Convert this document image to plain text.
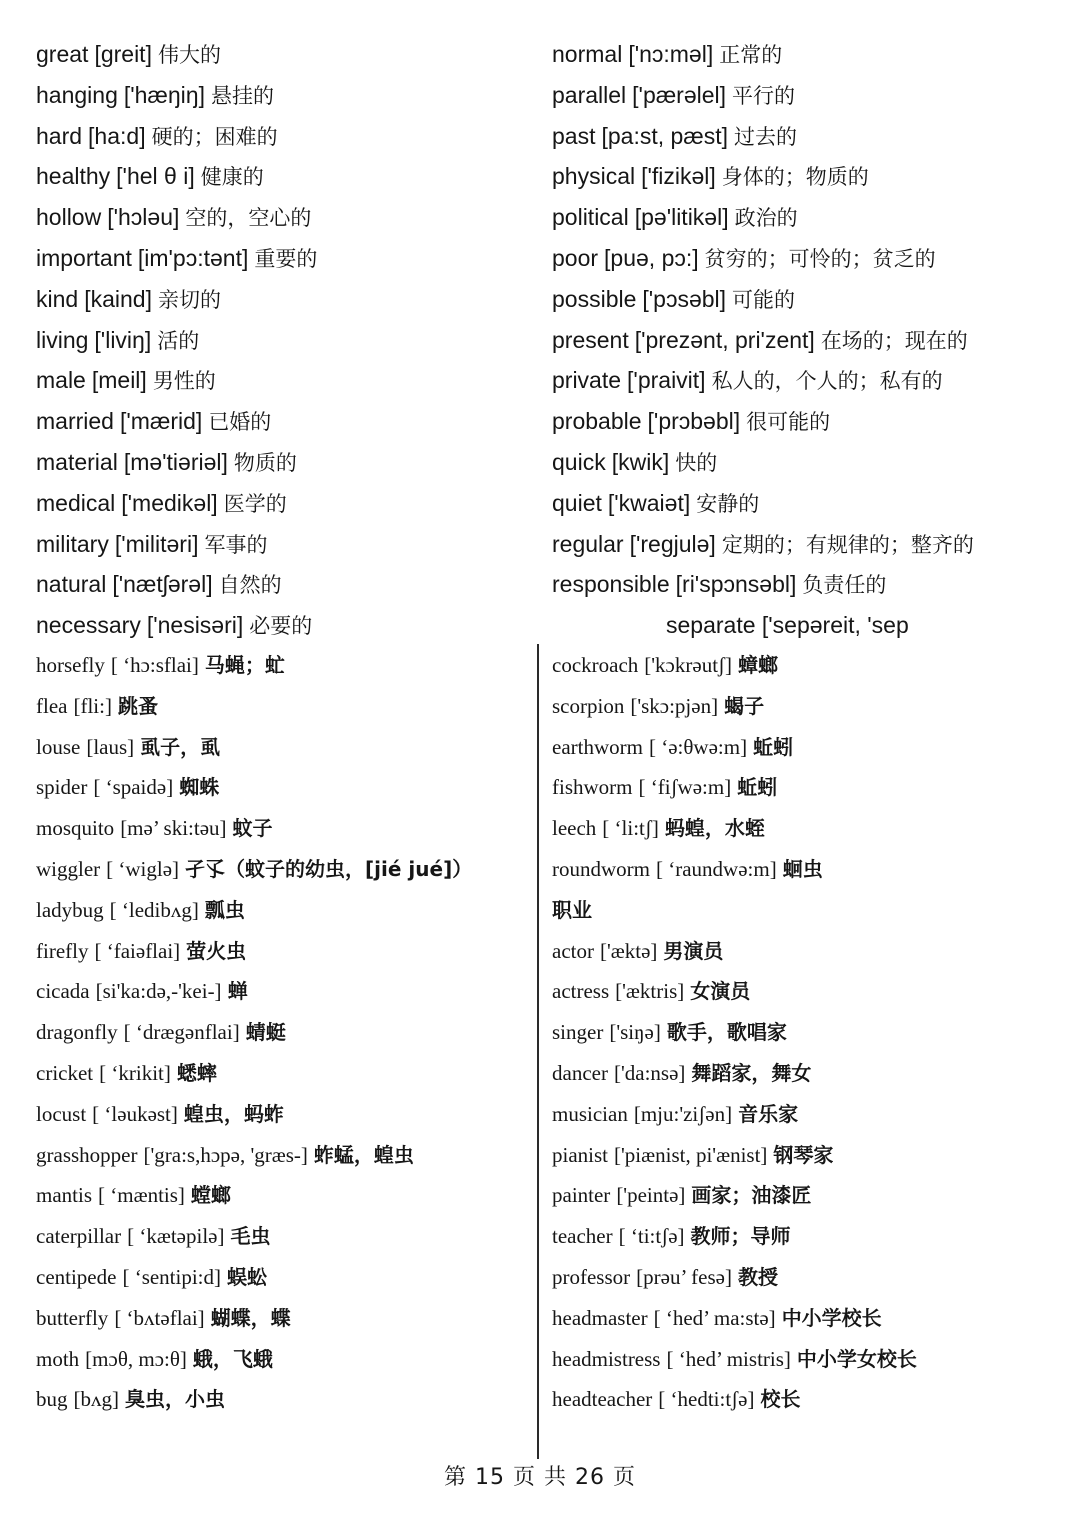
great [greit] 伟大的
hanging ['hæŋiŋ] 悬挂的
hard [ha:d] 硬的；困难的
healthy ['hel θ i] 健康的
hollow ['hɔləu] 空的，空心的
important [im'pɔ:tənt] 重要的
kind [kaind] 亲切的
living ['liviŋ] 活的
male [meil] 男性的
married ['mærid] 已婚的
material [mə'tiəriəl] 物质的
medical ['medikəl] 医学的
military ['militəri] 军事的
natural ['nætʃərəl] 自然的
necessary ['nesisəri] 必要的
normal ['nɔ:məl] 正常的
parallel ['pærəlel] 平行的
past [pa:st, pæst] 过去的
physical ['fizikəl] 身体的；物质的
political [pə'litikəl] 政治的
poor [puə, pɔ:] 贫穷的；可怜的；贫乏的
possible ['pɔsəbl] 可能的
present ['prezənt, pri'zent] 在场的；现在的
private ['praivit] 私人的，个人的；私有的
probable ['prɔbəbl] 很可能的
quick [kwik] 快的
quiet ['kwaiət] 安静的
regular ['regjulə] 定期的；有规律的；整齐的
responsible [ri'spɔnsəbl] 负责任的
separate ['sepəreit, 'sep
horsefly [ ‘hɔ:sflai] 马蝇；虻
flea [fli:] 跳蚤
louse [laus] 虱子，虱
spider [ ‘spaidə] 蜘蛛
mosquito [mə’ ski:təu] 蚊子
wiggler [ ‘wiglə] 孑孓（蚊子的幼虫，[jié jué]）
ladybug [ ‘ledibʌg] 瓢虫
firefly [ ‘faiəflai] 萤火虫
cicada [si'ka:də,-'kei-] 蝉
dragonfly [ ‘drægənflai] 蜻蜓
cricket [ ‘krikit] 蟋蟀
locust [ ‘ləukəst] 蝗虫，蚂蚱
grasshopper ['gra:s,hɔpə, 'græs-] 蚱蜢，蝗虫
mantis [ ‘mæntis] 螳螂
caterpillar [ ‘kætəpilə] 毛虫
centipede [ ‘sentipi:d] 蜈蚣
butterfly [ ‘bʌtəflai] 蝴蝶，蝶
moth [mɔθ, mɔ:θ] 蛾，飞蛾
bug [bʌg] 臭虫，小虫
cockroach ['kɔkrəutʃ] 蟑螂
scorpion ['skɔ:pjən] 蝎子
earthworm [ ‘ə:θwə:m] 蚯蚓
fishworm [ ‘fiʃwə:m] 蚯蚓
leech [ ‘li:tʃ] 蚂蝗，水蛭
roundworm [ ‘raundwə:m] 蛔虫
职业
actor ['æktə] 男演员
actress ['æktris] 女演员
singer ['siŋə] 歌手，歌唱家
dancer ['da:nsə] 舞蹈家，舞女
musician [mju:'ziʃən] 音乐家
pianist ['piænist, pi'ænist] 钢琴家
painter ['peintə] 画家；油漆匠
teacher [ ‘ti:tʃə] 教师；导师
professor [prəu’ fesə] 教授
headmaster [ ‘hed’ ma:stə] 中小学校长
headmistress [ ‘hed’ mistris] 中小学女校长
headteacher [ ‘hedti:tʃə] 校长
第 15 页 共 26 页
